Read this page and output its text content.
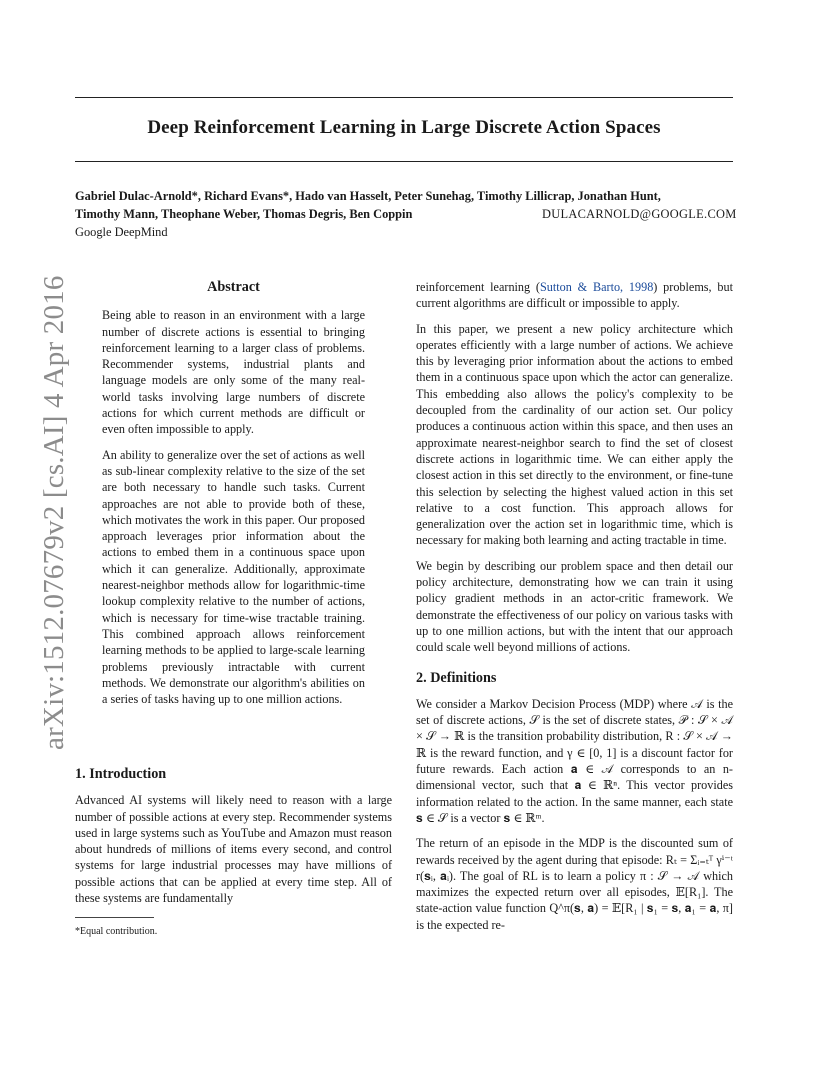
Deep Reinforcement Learning in Large Discrete Action Spaces
Gabriel Dulac-Arnold*, Richard Evans*, Hado van Hasselt, Peter Sunehag, Timothy Lillicrap, Jonathan Hunt,
Timothy Mann, Theophane Weber, Thomas Degris, Ben Coppin	DULACARNOLD@GOOGLE.COM
Google DeepMind
arXiv:1512.07679v2 [cs.AI] 4 Apr 2016	Abstract

Being able to reason in an environment with a large number of discrete actions is essential to bringing reinforcement learning to a larger class of problems. Recommender systems, industrial plants and language models are only some of the many real-world tasks involving large numbers of discrete actions for which current methods are difficult or even often impossible to apply.

An ability to generalize over the set of actions as well as sub-linear complexity relative to the size of the set are both necessary to handle such tasks. Current approaches are not able to provide both of these, which motivates the work in this paper. Our proposed approach leverages prior information about the actions to embed them in a continuous space upon which it can generalize. Additionally, approximate nearest-neighbor methods allow for logarithmic-time lookup complexity relative to the number of actions, which is necessary for time-wise tractable training. This combined approach allows reinforcement learning methods to be applied to large-scale learning problems previously intractable with current methods. We demonstrate our algorithm's abilities on a series of tasks having up to one million actions.

1. Introduction

Advanced AI systems will likely need to reason with a large number of possible actions at every step. Recommender systems used in large systems such as YouTube and Amazon must reason about hundreds of millions of items every second, and control systems for large industrial processes may have millions of possible actions that can be applied at every time step. All of these systems are fundamentally

*Equal contribution.

reinforcement learning (Sutton & Barto, 1998) problems, but current algorithms are difficult or impossible to apply.

In this paper, we present a new policy architecture which operates efficiently with a large number of actions. We achieve this by leveraging prior information about the actions to embed them in a continuous space upon which the actor can generalize. This embedding also allows the policy's complexity to be decoupled from the cardinality of our action set. Our policy produces a continuous action within this space, and then uses an approximate nearest-neighbor search to find the set of closest discrete actions in logarithmic time. We can either apply the closest action in this set directly to the environment, or fine-tune this selection by selecting the highest valued action in this set relative to a cost function. This approach allows for generalization over the action set in logarithmic time, which is necessary for making both learning and acting tractable in time.

We begin by describing our problem space and then detail our policy architecture, demonstrating how we can train it using policy gradient methods in an actor-critic framework. We demonstrate the effectiveness of our policy on various tasks with up to one million actions, but with the intent that our approach could scale well beyond millions of actions.

2. Definitions

We consider a Markov Decision Process (MDP) where 𝒜 is the set of discrete actions, 𝒮 is the set of discrete states, 𝒫 : 𝒮 × 𝒜 × 𝒮 → ℝ is the transition probability distribution, R : 𝒮 × 𝒜 → ℝ is the reward function, and γ ∈ [0, 1] is a discount factor for future rewards. Each action 𝐚 ∈ 𝒜 corresponds to an n-dimensional vector, such that 𝐚 ∈ ℝⁿ. This vector provides information related to the action. In the same manner, each state 𝐬 ∈ 𝒮 is a vector 𝐬 ∈ ℝᵐ.

The return of an episode in the MDP is the discounted sum of rewards received by the agent during that episode: Rₜ = Σᵢ₌ₜᵀ γⁱ⁻ᵗ r(𝐬ᵢ, 𝐚ᵢ). The goal of RL is to learn a policy π : 𝒮 → 𝒜 which maximizes the expected return over all episodes, 𝔼[R₁]. The state-action value function Q^π(𝐬, 𝐚) = 𝔼[R₁ | 𝐬₁ = 𝐬, 𝐚₁ = 𝐚, π] is the expected re-
